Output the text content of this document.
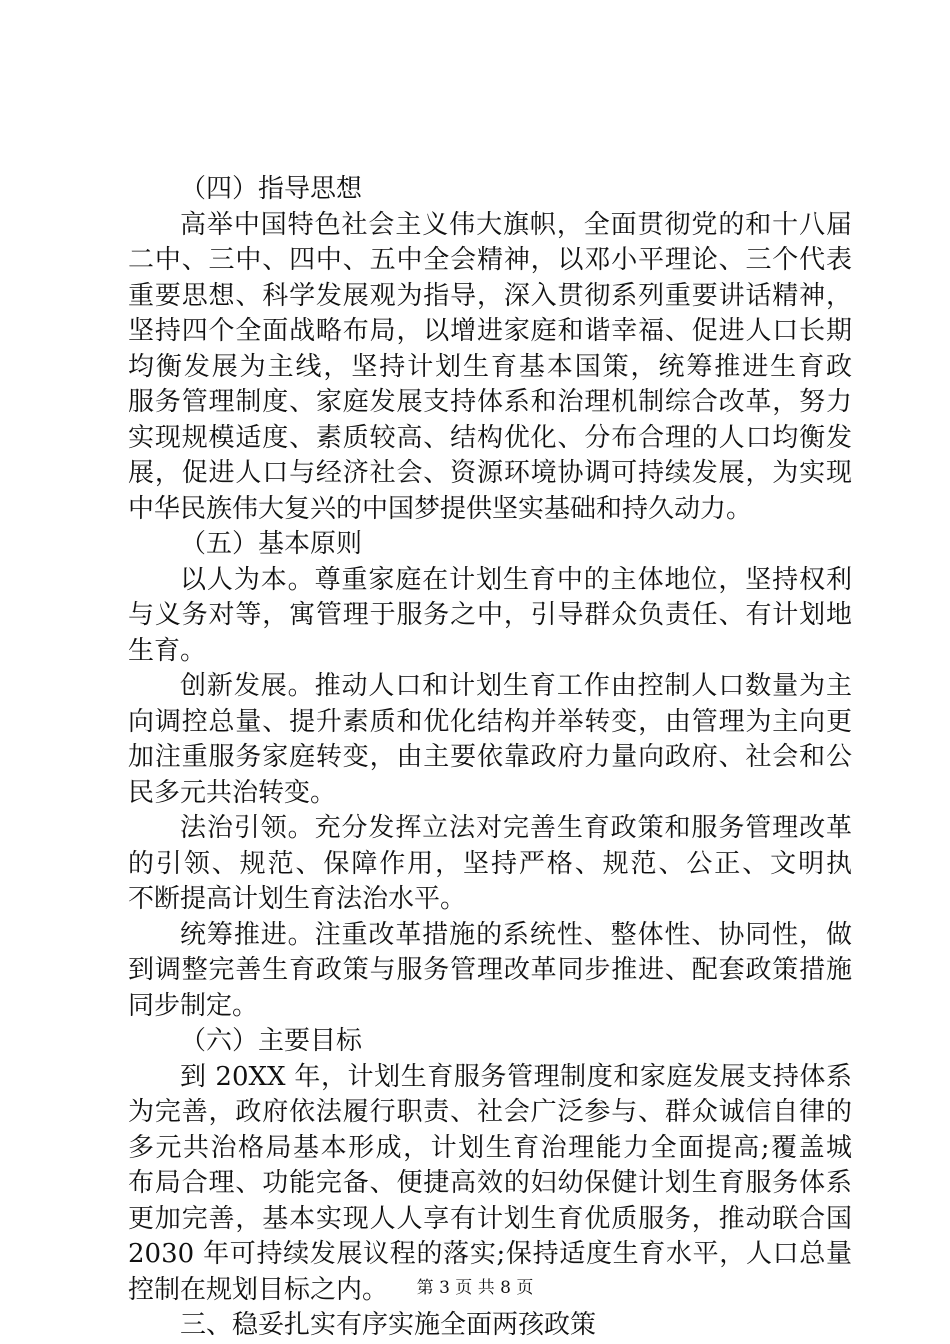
（四）指导思想

高举中国特色社会主义伟大旗帜，全面贯彻党的和十八届

二中、三中、四中、五中全会精神，以邓小平理论、三个代表

重要思想、科学发展观为指导，深入贯彻系列重要讲话精神，

坚持四个全面战略布局，以增进家庭和谐幸福、促进人口长期

均衡发展为主线，坚持计划生育基本国策，统筹推进生育政

服务管理制度、家庭发展支持体系和治理机制综合改革，努力

实现规模适度、素质较高、结构优化、分布合理的人口均衡发

展，促进人口与经济社会、资源环境协调可持续发展，为实现

中华民族伟大复兴的中国梦提供坚实基础和持久动力。

（五）基本原则

以人为本。尊重家庭在计划生育中的主体地位，坚持权利

与义务对等，寓管理于服务之中，引导群众负责任、有计划地

生育。

创新发展。推动人口和计划生育工作由控制人口数量为主

向调控总量、提升素质和优化结构并举转变，由管理为主向更

加注重服务家庭转变，由主要依靠政府力量向政府、社会和公

民多元共治转变。

法治引领。充分发挥立法对完善生育政策和服务管理改革

的引领、规范、保障作用，坚持严格、规范、公正、文明执

不断提高计划生育法治水平。

统筹推进。注重改革措施的系统性、整体性、协同性，做

到调整完善生育政策与服务管理改革同步推进、配套政策措施

同步制定。

（六）主要目标

到 20XX 年，计划生育服务管理制度和家庭发展支持体系

为完善，政府依法履行职责、社会广泛参与、群众诚信自律的

多元共治格局基本形成，计划生育治理能力全面提高;覆盖城

布局合理、功能完备、便捷高效的妇幼保健计划生育服务体系

更加完善，基本实现人人享有计划生育优质服务，推动联合国

2030 年可持续发展议程的落实;保持适度生育水平，人口总量

控制在规划目标之内。

三、稳妥扎实有序实施全面两孩政策

第 3 页 共 8 页
